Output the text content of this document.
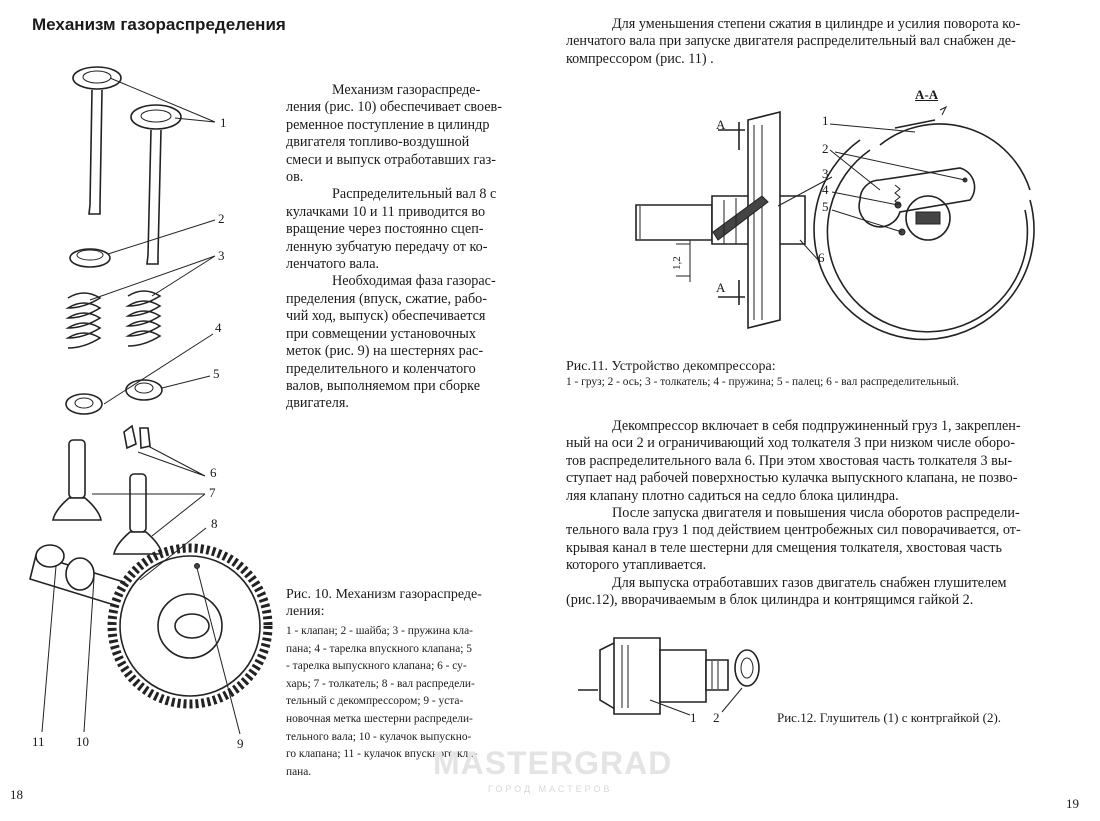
Механизм газораспределения
Механизм газораспреде-
ления (рис. 10) обеспечивает своев-
ременное поступление в цилиндр
двигателя топливо-воздушной
смеси и выпуск отработавших газ-
ов.
Распределительный вал 8 с
кулачками 10 и 11 приводится во
вращение через постоянно сцеп-
ленную зубчатую передачу от ко-
ленчатого вала.
Необходимая фаза газорас-
пределения (впуск, сжатие, рабо-
чий ход, выпуск) обеспечивается
при совмещении установочных
меток (рис. 9) на шестернях рас-
пределительного и коленчатого
валов, выполняемом при сборке
двигателя.
Рис. 10. Механизм газораспреде-
ления:
1 - клапан; 2 - шайба; 3 - пружина кла-
пана; 4 - тарелка впускного клапана; 5
- тарелка выпускного клапана; 6 - су-
харь; 7 - толкатель; 8 - вал распредели-
тельный с декомпрессором; 9 - уста-
новочная метка шестерни распредели-
тельного вала; 10 - кулачок выпускно-
го клапана; 11 - кулачок впускного кла-
пана.
1
2
3
4
5
6
7
8
9
10
11
18
Для уменьшения степени сжатия в цилиндре и усилия поворота ко-
ленчатого вала при запуске двигателя распределительный вал снабжен де-
компрессором (рис. 11) .
А-А
А
А
1
2
3
4
5
6
1,2
Рис.11. Устройство декомпрессора:
1 - груз; 2 - ось; 3 - толкатель; 4 - пружина; 5 - палец; 6 - вал распределительный.
Декомпрессор включает в себя подпружиненный груз 1, закреплен-
ный на оси 2 и ограничивающий ход толкателя 3 при низком числе оборо-
тов распределительного вала 6. При этом хвостовая часть толкателя 3 вы-
ступает над рабочей поверхностью кулачка выпускного клапана, не позво-
ляя клапану плотно садиться на седло блока цилиндра.
После запуска двигателя и повышения числа оборотов распредели-
тельного вала груз 1 под действием центробежных сил поворачивается, от-
крывая канал в теле шестерни для смещения толкателя, хвостовая часть
которого утапливается.
Для выпуска отработавших газов двигатель снабжен глушителем
(рис.12), вворачиваемым в блок цилиндра и контрящимся гайкой 2.
1 2	Рис.12. Глушитель (1) с контргайкой (2).
19
MASTERGRAD
ГОРОД МАСТЕРОВ
